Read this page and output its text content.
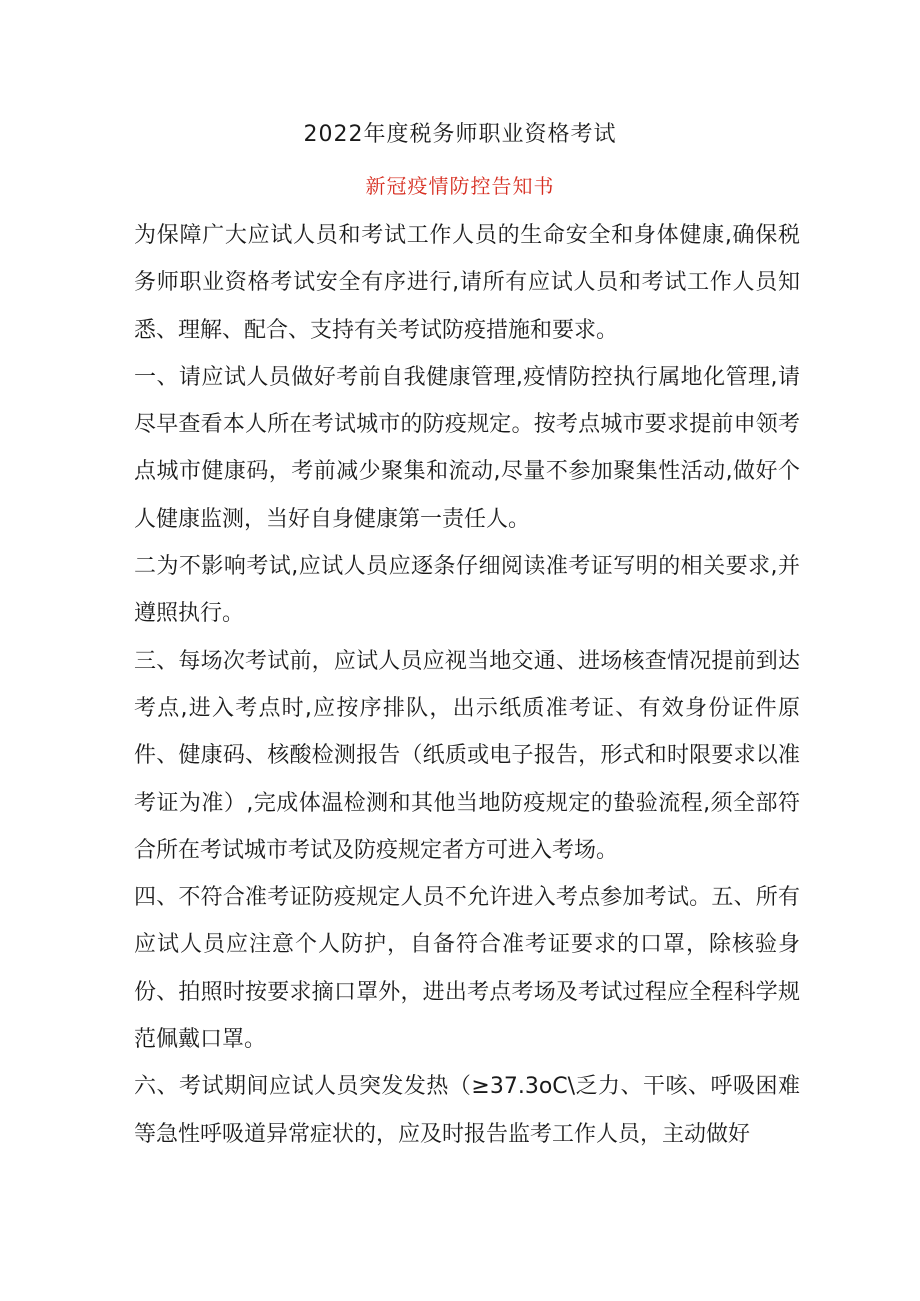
2022年度税务师职业资格考试
新冠疫情防控告知书

为保障广大应试人员和考试工作人员的生命安全和身体健康,确保税务师职业资格考试安全有序进行,请所有应试人员和考试工作人员知悉、理解、配合、支持有关考试防疫措施和要求。

一、请应试人员做好考前自我健康管理,疫情防控执行属地化管理,请尽早查看本人所在考试城市的防疫规定。按考点城市要求提前申领考点城市健康码，考前减少聚集和流动,尽量不参加聚集性活动,做好个人健康监测，当好自身健康第一责任人。

二为不影响考试,应试人员应逐条仔细阅读准考证写明的相关要求,并遵照执行。

三、每场次考试前，应试人员应视当地交通、进场核查情况提前到达考点,进入考点时,应按序排队，出示纸质准考证、有效身份证件原件、健康码、核酸检测报告（纸质或电子报告，形式和时限要求以准考证为准）,完成体温检测和其他当地防疫规定的蛰验流程,须全部符合所在考试城市考试及防疫规定者方可进入考场。

四、不符合准考证防疫规定人员不允许进入考点参加考试。五、所有应试人员应注意个人防护，自备符合准考证要求的口罩，除核验身份、拍照时按要求摘口罩外，进出考点考场及考试过程应全程科学规范佩戴口罩。

六、考试期间应试人员突发发热（≥37.3oC\乏力、干咳、呼吸困难等急性呼吸道异常症状的，应及时报告监考工作人员，主动做好
